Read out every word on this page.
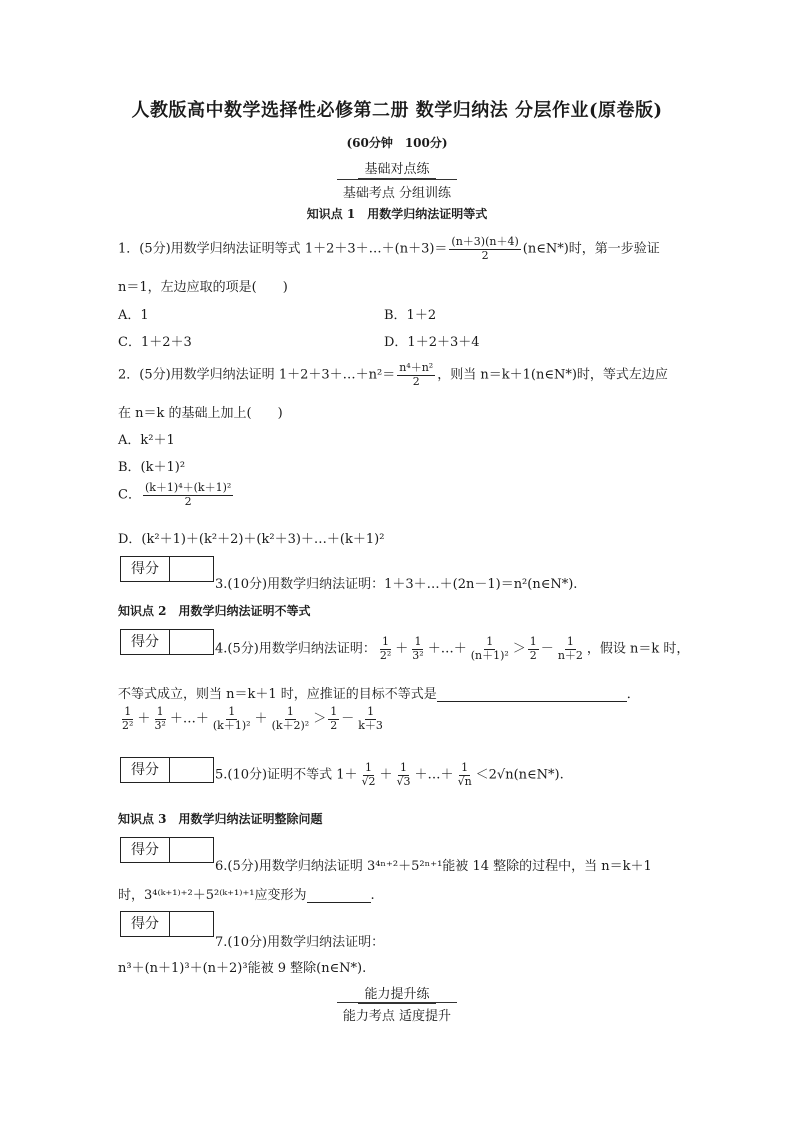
人教版高中数学选择性必修第二册 数学归纳法 分层作业(原卷版)
(60分钟　100分)
基础对点练
基础考点 分组训练
知识点 1　用数学归纳法证明等式
1．(5分)用数学归纳法证明等式 1＋2＋3＋…＋(n＋3)＝ $\frac{(n+3)(n+4)}{2}$ (n∈N*)时，第一步验证
n＝1，左边应取的项是(　　)
A．1	B．1＋2
C．1＋2＋3	D．1＋2＋3＋4
2．(5分)用数学归纳法证明 1＋2＋3＋…＋n²＝ $\frac{\text{n⁴＋n²}}{2}$ ，则当 n＝k＋1(n∈N*)时，等式左边应
在 n＝k 的基础上加上(　　)
A．k²＋1
B．(k＋1)²
C． $\frac{\text{(k＋1)⁴＋(k＋1)²}}{2}$
D．(k²＋1)＋(k²＋2)＋(k²＋3)＋…＋(k＋1)²
得分
3.(10分)用数学归纳法证明：1＋3＋…＋(2n－1)＝n²(n∈N*).
知识点 2　用数学归纳法证明不等式
得分	4.(5分)用数学归纳法证明： $\frac{1}{\text{2²}} + \frac{1}{\text{3²}}$ ＋…＋ $\frac{1}{\text{(n＋1)²}} > \frac{1}{2} - \frac{1}{n+2}$ ，假设 n＝k 时，
不等式成立，则当 n＝k＋1 时，应推证的目标不等式是	．
$\frac{1}{\text{2²}} + \frac{1}{\text{3²}}$ ＋…＋ $\frac{1}{\text{(k＋1)²}} + \frac{1}{\text{(k＋2)²}} > \frac{1}{2} - \frac{1}{k+3}$
得分	5.(10分)证明不等式 $1+ \frac{1}{√2} + \frac{1}{√3}$ ＋…＋ $\frac{1}{√n}$ ＜2√n(n∈N*).
知识点 3　用数学归纳法证明整除问题
得分
6.(5分)用数学归纳法证明 3⁴ⁿ⁺²＋5²ⁿ⁺¹能被 14 整除的过程中，当 n＝k＋1
时，3⁴⁽ᵏ⁺¹⁾⁺²＋5²⁽ᵏ⁺¹⁾⁺¹应变形为	.
得分
7.(10分)用数学归纳法证明：
n³＋(n＋1)³＋(n＋2)³能被 9 整除(n∈N*).
能力提升练
能力考点 适度提升
